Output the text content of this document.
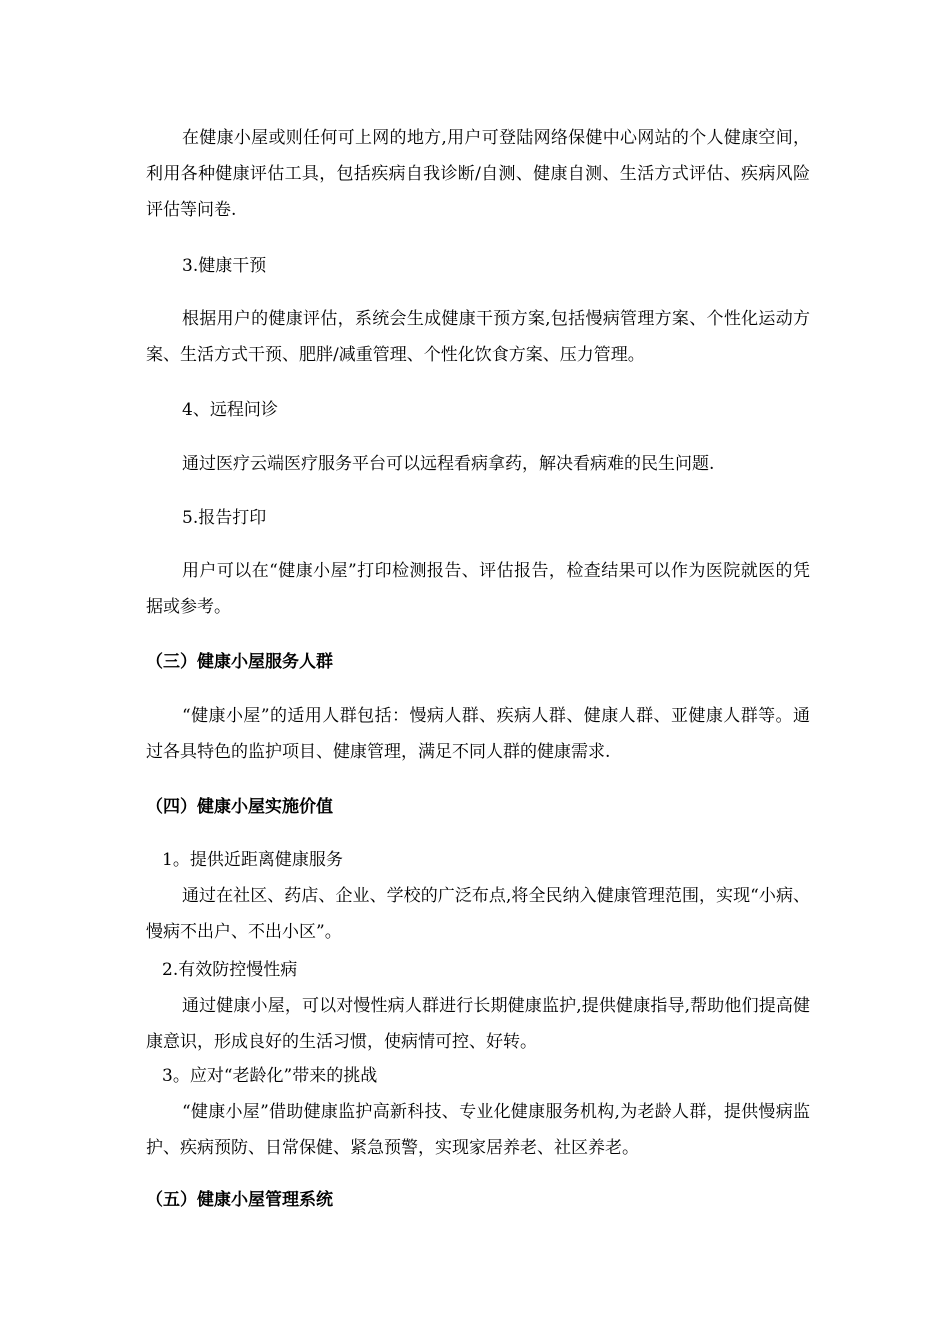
在健康小屋或则任何可上网的地方,用户可登陆网络保健中心网站的个人健康空间，利用各种健康评估工具，包括疾病自我诊断/自测、健康自测、生活方式评估、疾病风险评估等问卷.

3.健康干预

根据用户的健康评估，系统会生成健康干预方案,包括慢病管理方案、个性化运动方案、生活方式干预、肥胖/减重管理、个性化饮食方案、压力管理。

4、远程问诊

通过医疗云端医疗服务平台可以远程看病拿药，解决看病难的民生问题.

5.报告打印

用户可以在“健康小屋”打印检测报告、评估报告，检查结果可以作为医院就医的凭据或参考。

（三）健康小屋服务人群

“健康小屋”的适用人群包括：慢病人群、疾病人群、健康人群、亚健康人群等。通过各具特色的监护项目、健康管理，满足不同人群的健康需求.

（四）健康小屋实施价值

1。提供近距离健康服务

通过在社区、药店、企业、学校的广泛布点,将全民纳入健康管理范围，实现“小病、慢病不出户、不出小区”。

2.有效防控慢性病

通过健康小屋，可以对慢性病人群进行长期健康监护,提供健康指导,帮助他们提高健康意识，形成良好的生活习惯，使病情可控、好转。

3。应对“老龄化”带来的挑战

“健康小屋”借助健康监护高新科技、专业化健康服务机构,为老龄人群，提供慢病监护、疾病预防、日常保健、紧急预警，实现家居养老、社区养老。

（五）健康小屋管理系统
